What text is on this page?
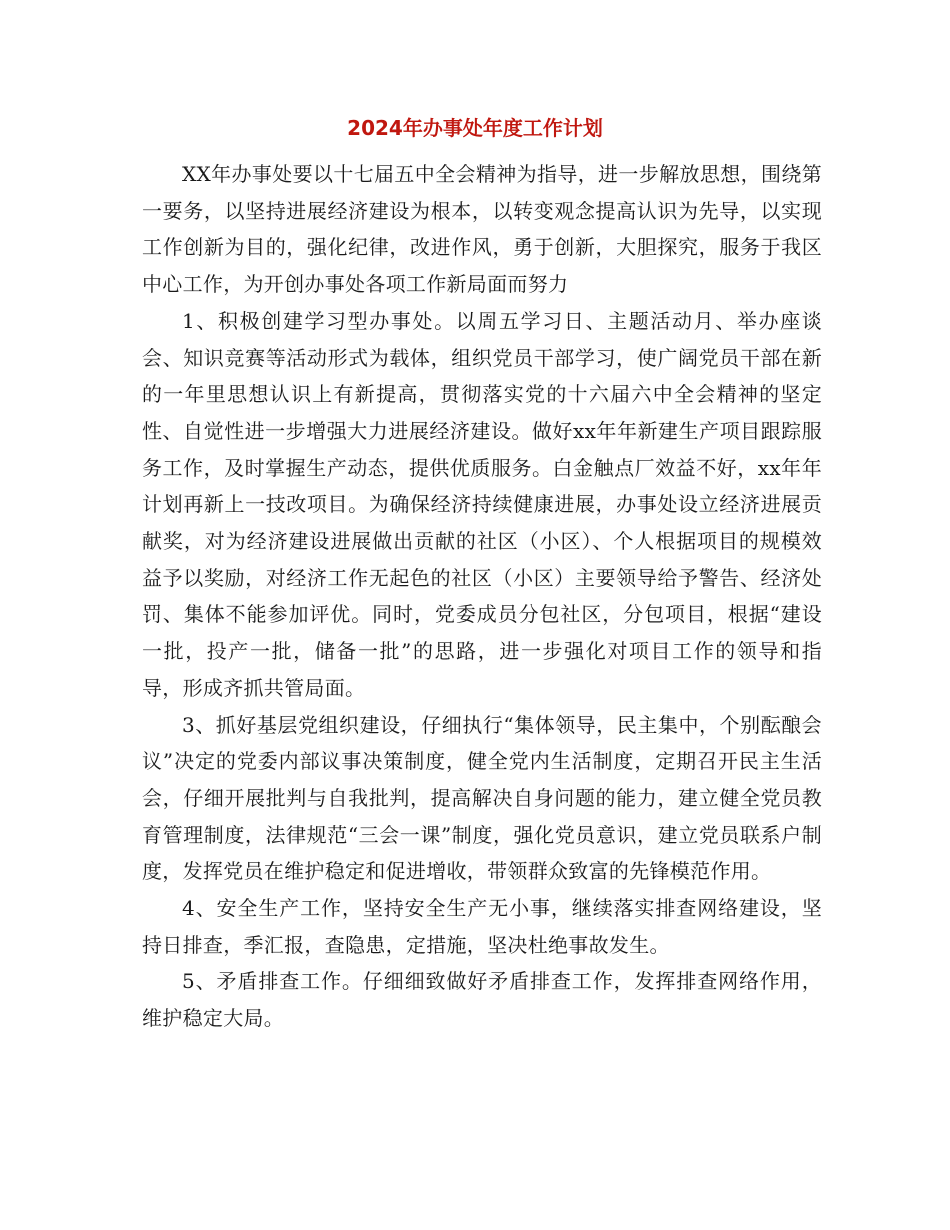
2024年办事处年度工作计划

XX年办事处要以十七届五中全会精神为指导，进一步解放思想，围绕第一要务，以坚持进展经济建设为根本，以转变观念提高认识为先导，以实现工作创新为目的，强化纪律，改进作风，勇于创新，大胆探究，服务于我区中心工作，为开创办事处各项工作新局面而努力

1、积极创建学习型办事处。以周五学习日、主题活动月、举办座谈会、知识竞赛等活动形式为载体，组织党员干部学习，使广阔党员干部在新的一年里思想认识上有新提高，贯彻落实党的十六届六中全会精神的坚定性、自觉性进一步增强大力进展经济建设。做好xx年年新建生产项目跟踪服务工作，及时掌握生产动态，提供优质服务。白金触点厂效益不好，xx年年计划再新上一技改项目。为确保经济持续健康进展，办事处设立经济进展贡献奖，对为经济建设进展做出贡献的社区（小区）、个人根据项目的规模效益予以奖励，对经济工作无起色的社区（小区）主要领导给予警告、经济处罚、集体不能参加评优。同时，党委成员分包社区，分包项目，根据“建设一批，投产一批，储备一批”的思路，进一步强化对项目工作的领导和指导，形成齐抓共管局面。

3、抓好基层党组织建设，仔细执行“集体领导，民主集中，个别酝酿会议”决定的党委内部议事决策制度，健全党内生活制度，定期召开民主生活会，仔细开展批判与自我批判，提高解决自身问题的能力，建立健全党员教育管理制度，法律规范“三会一课”制度，强化党员意识，建立党员联系户制度，发挥党员在维护稳定和促进增收，带领群众致富的先锋模范作用。

4、安全生产工作，坚持安全生产无小事，继续落实排查网络建设，坚持日排查，季汇报，查隐患，定措施，坚决杜绝事故发生。

5、矛盾排查工作。仔细细致做好矛盾排查工作，发挥排查网络作用，维护稳定大局。
